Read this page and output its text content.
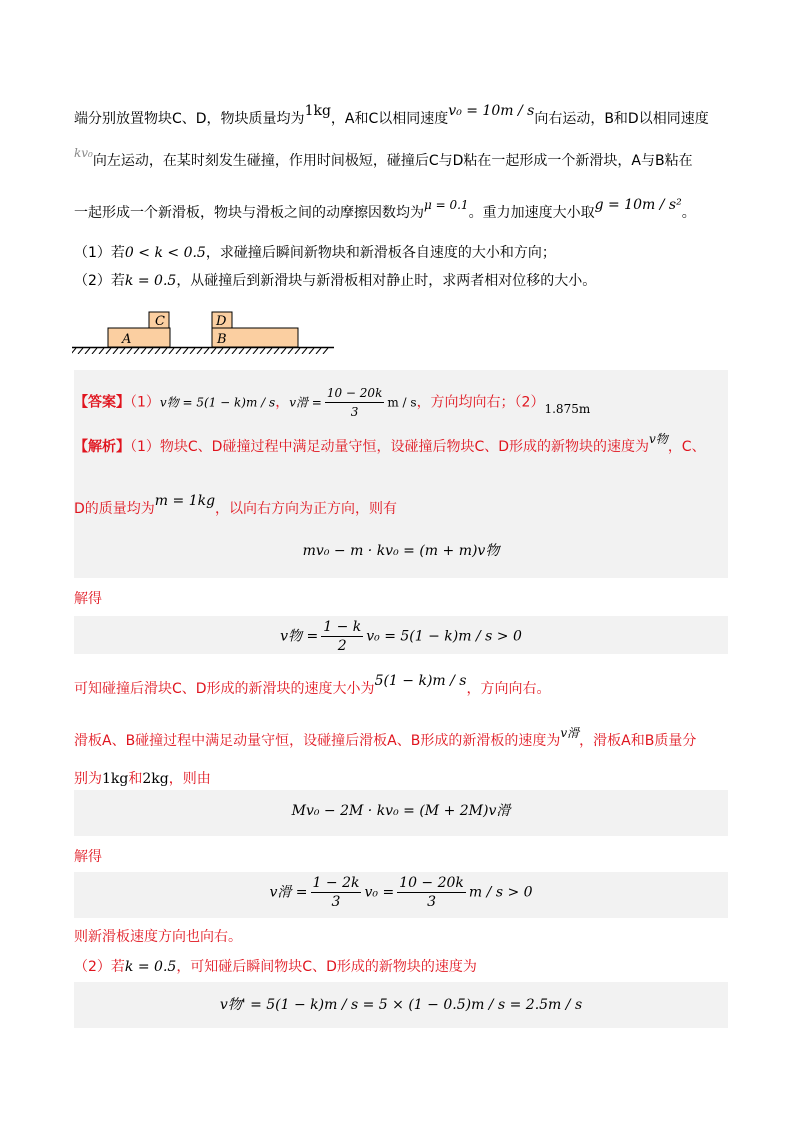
端分别放置物块C、D，物块质量均为1kg，A和C以相同速度v₀ = 10m / s向右运动，B和D以相同速度
kv₀向左运动，在某时刻发生碰撞，作用时间极短，碰撞后C与D粘在一起形成一个新滑块，A与B粘在
一起形成一个新滑板，物块与滑板之间的动摩擦因数均为μ = 0.1。重力加速度大小取g = 10m / s²。
（1）若0 < k < 0.5，求碰撞后瞬间新物块和新滑板各自速度的大小和方向；
（2）若k = 0.5，从碰撞后到新滑块与新滑板相对静止时，求两者相对位移的大小。
C	D
A	B
【答案】（1）v物 = 5(1 − k)m / s，v滑 = $\frac{10 - 20k}{3}$ m / s，方向均向右；（2）1.875m
【解析】（1）物块C、D碰撞过程中满足动量守恒，设碰撞后物块C、D形成的新物块的速度为v物，C、
D的质量均为m = 1kg，以向右方向为正方向，则有
mv₀ − m · kv₀ = (m + m)v物
解得
v物 = $\frac{1 - k}{2} v_0 = 5(1 - k)m / s > 0$
可知碰撞后滑块C、D形成的新滑块的速度大小为5(1 − k)m / s，方向向右。
滑板A、B碰撞过程中满足动量守恒，设碰撞后滑板A、B形成的新滑板的速度为v滑，滑板A和B质量分
别为1kg和2kg，则由
Mv₀ − 2M · kv₀ = (M + 2M)v滑
解得
v滑 = $\frac{1 - 2k}{3} v_0 = \frac{10 - 20k}{3}$ m / s > 0
则新滑板速度方向也向右。
（2）若k = 0.5，可知碰后瞬间物块C、D形成的新物块的速度为
v物' = 5(1 − k)m / s = 5 × (1 − 0.5)m / s = 2.5m / s
